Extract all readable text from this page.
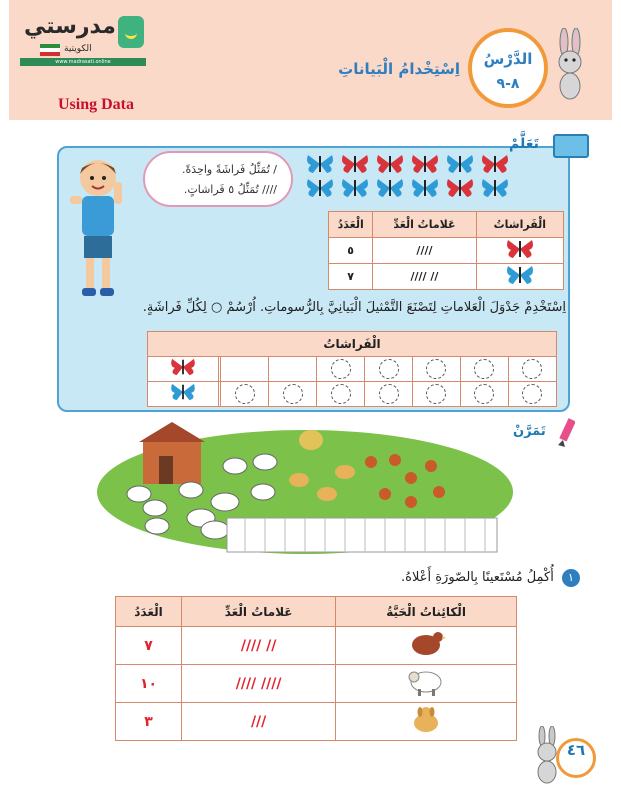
مدرستي
الكويتية
www.madrasati.online	اِسْتِخْدامُ الْبَياناتِ
الدَّرْسُ
٨-٩
Using Data
تَعَلَّمْ
/ تُمَثِّلُ فَراشَةً واحِدَةً.
//// تُمَثِّلُ ٥ فَراشاتٍ.
الْعَدَدُ	عَلاماتُ الْعَدِّ	الْفَراشاتُ
٥	////	
٧	//// //	
اِسْتَخْدِمْ جَدْوَلَ الْعَلاماتِ لِتَصْنَعَ التَّمْثيلَ الْبَيانِيَّ بِالرُّسوماتِ. اُرْسُمْ ○ لِكُلِّ فَراشَةٍ.
الْفَراشاتُ								

تَمَرَّنْ
١ أُكْمِلُ مُسْتَعينًا بِالصّورَةِ أَعْلاهُ.
الْعَدَدُ	عَلاماتُ الْعَدِّ	الْكائِناتُ الْحَيَّةُ
٧	//// //	
١٠	//// ////	
٣	///	
٤٦
